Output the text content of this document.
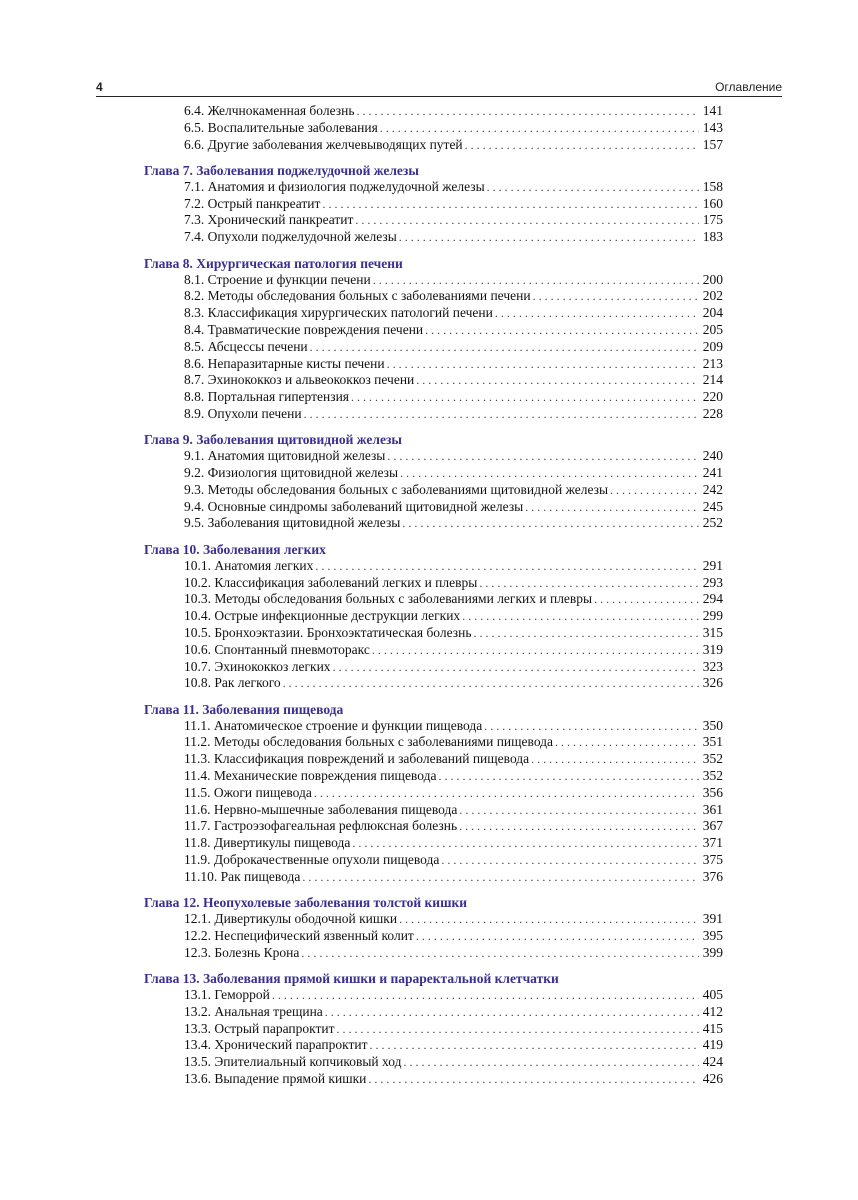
4	Оглавление
6.4. Желчнокаменная болезнь . . .	141
6.5. Воспалительные заболевания . . .	143
6.6. Другие заболевания желчевыводящих путей . . .	157
Глава 7. Заболевания поджелудочной железы
7.1. Анатомия и физиология поджелудочной железы . . .	158
7.2. Острый панкреатит . . .	160
7.3. Хронический панкреатит . . .	175
7.4. Опухоли поджелудочной железы . . .	183
Глава 8. Хирургическая патология печени
8.1. Строение и функции печени . . .	200
8.2. Методы обследования больных с заболеваниями печени . . .	202
8.3. Классификация хирургических патологий печени . . .	204
8.4. Травматические повреждения печени . . .	205
8.5. Абсцессы печени . . .	209
8.6. Непаразитарные кисты печени . . .	213
8.7. Эхинококкоз и альвеококкоз печени . . .	214
8.8. Портальная гипертензия . . .	220
8.9. Опухоли печени . . .	228
Глава 9. Заболевания щитовидной железы
9.1. Анатомия щитовидной железы . . .	240
9.2. Физиология щитовидной железы . . .	241
9.3. Методы обследования больных с заболеваниями щитовидной железы . . .	242
9.4. Основные синдромы заболеваний щитовидной железы . . .	245
9.5. Заболевания щитовидной железы . . .	252
Глава 10. Заболевания легких
10.1. Анатомия легких . . .	291
10.2. Классификация заболеваний легких и плевры . . .	293
10.3. Методы обследования больных с заболеваниями легких и плевры . . .	294
10.4. Острые инфекционные деструкции легких . . .	299
10.5. Бронхоэктазии. Бронхоэктатическая болезнь . . .	315
10.6. Спонтанный пневмоторакс . . .	319
10.7. Эхинококкоз легких . . .	323
10.8. Рак легкого . . .	326
Глава 11. Заболевания пищевода
11.1. Анатомическое строение и функции пищевода . . .	350
11.2. Методы обследования больных с заболеваниями пищевода . . .	351
11.3. Классификация повреждений и заболеваний пищевода . . .	352
11.4. Механические повреждения пищевода . . .	352
11.5. Ожоги пищевода . . .	356
11.6. Нервно-мышечные заболевания пищевода . . .	361
11.7. Гастроэзофагеальная рефлюксная болезнь . . .	367
11.8. Дивертикулы пищевода . . .	371
11.9. Доброкачественные опухоли пищевода . . .	375
11.10. Рак пищевода . . .	376
Глава 12. Неопухолевые заболевания толстой кишки
12.1. Дивертикулы ободочной кишки . . .	391
12.2. Неспецифический язвенный колит . . .	395
12.3. Болезнь Крона . . .	399
Глава 13. Заболевания прямой кишки и параректальной клетчатки
13.1. Геморрой . . .	405
13.2. Анальная трещина . . .	412
13.3. Острый парапроктит . . .	415
13.4. Хронический парапроктит . . .	419
13.5. Эпителиальный копчиковый ход . . .	424
13.6. Выпадение прямой кишки . . .	426
